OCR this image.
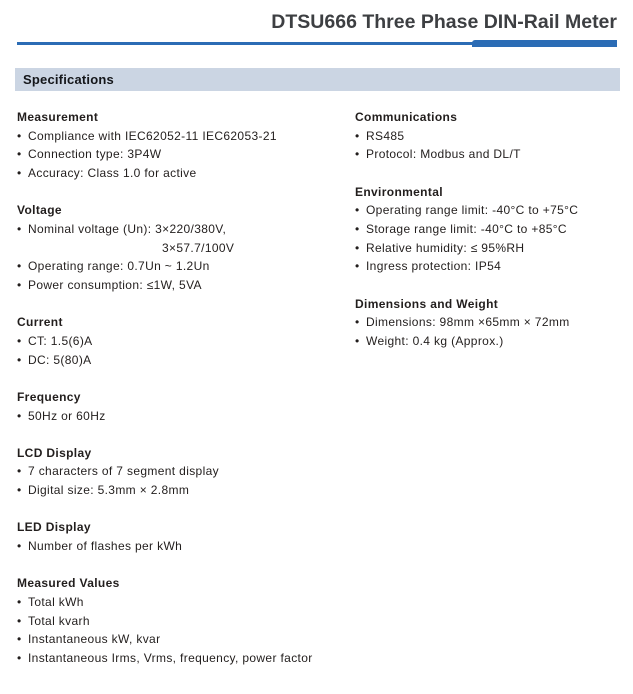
DTSU666 Three Phase DIN-Rail Meter
Specifications
Measurement
• Compliance with IEC62052-11 IEC62053-21
• Connection type: 3P4W
• Accuracy: Class 1.0 for active
Voltage
• Nominal voltage (Un): 3×220/380V,
3×57.7/100V
• Operating range: 0.7Un ~ 1.2Un
• Power consumption: ≤1W, 5VA
Current
• CT: 1.5(6)A
• DC: 5(80)A
Frequency
• 50Hz or 60Hz
LCD Display
• 7 characters of 7 segment display
• Digital size: 5.3mm × 2.8mm
LED Display
• Number of flashes per kWh
Measured Values
• Total kWh
• Total kvarh
• Instantaneous kW, kvar
• Instantaneous Irms, Vrms, frequency, power factor
Communications
• RS485
• Protocol: Modbus and DL/T
Environmental
• Operating range limit: -40°C to +75°C
• Storage range limit: -40°C to +85°C
• Relative humidity: ≤ 95%RH
• Ingress protection: IP54
Dimensions and Weight
• Dimensions: 98mm ×65mm × 72mm
• Weight: 0.4 kg (Approx.)
